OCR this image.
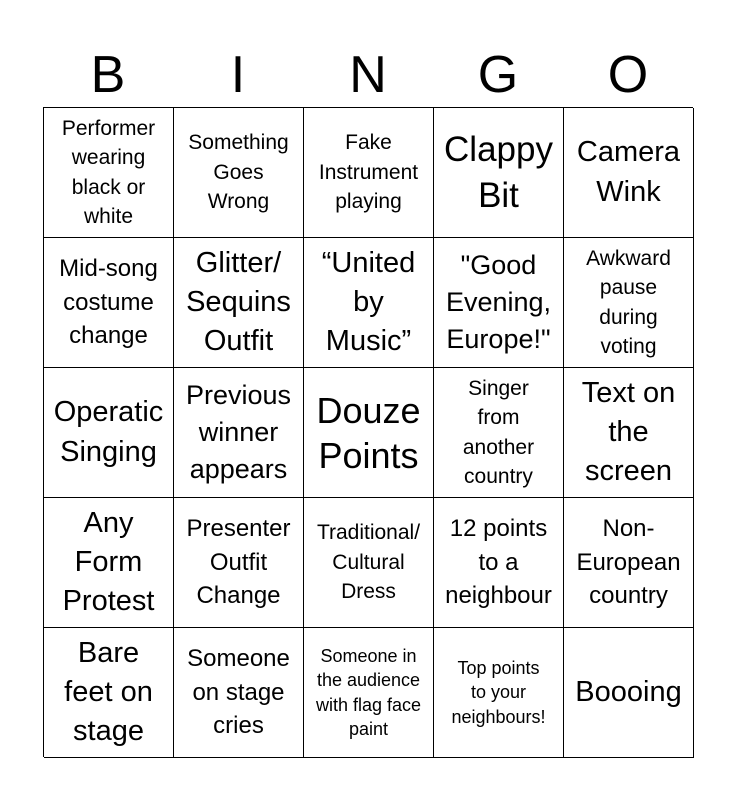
B	I	N	G	O
Performer
wearing
black or
white
Something
Goes
Wrong
Fake
Instrument
playing
Clappy
Bit
Camera
Wink
Mid-song
costume
change
Glitter/
Sequins
Outfit
“United
by
Music”
"Good
Evening,
Europe!"
Awkward
pause
during
voting
Operatic
Singing
Previous
winner
appears
Douze
Points
Singer
from
another
country
Text on
the
screen
Any
Form
Protest
Presenter
Outfit
Change
Traditional/
Cultural
Dress
12 points
to a
neighbour
Non-
European
country
Bare
feet on
stage
Someone
on stage
cries
Someone in
the audience
with flag face
paint
Top points
to your
neighbours!
Boooing
